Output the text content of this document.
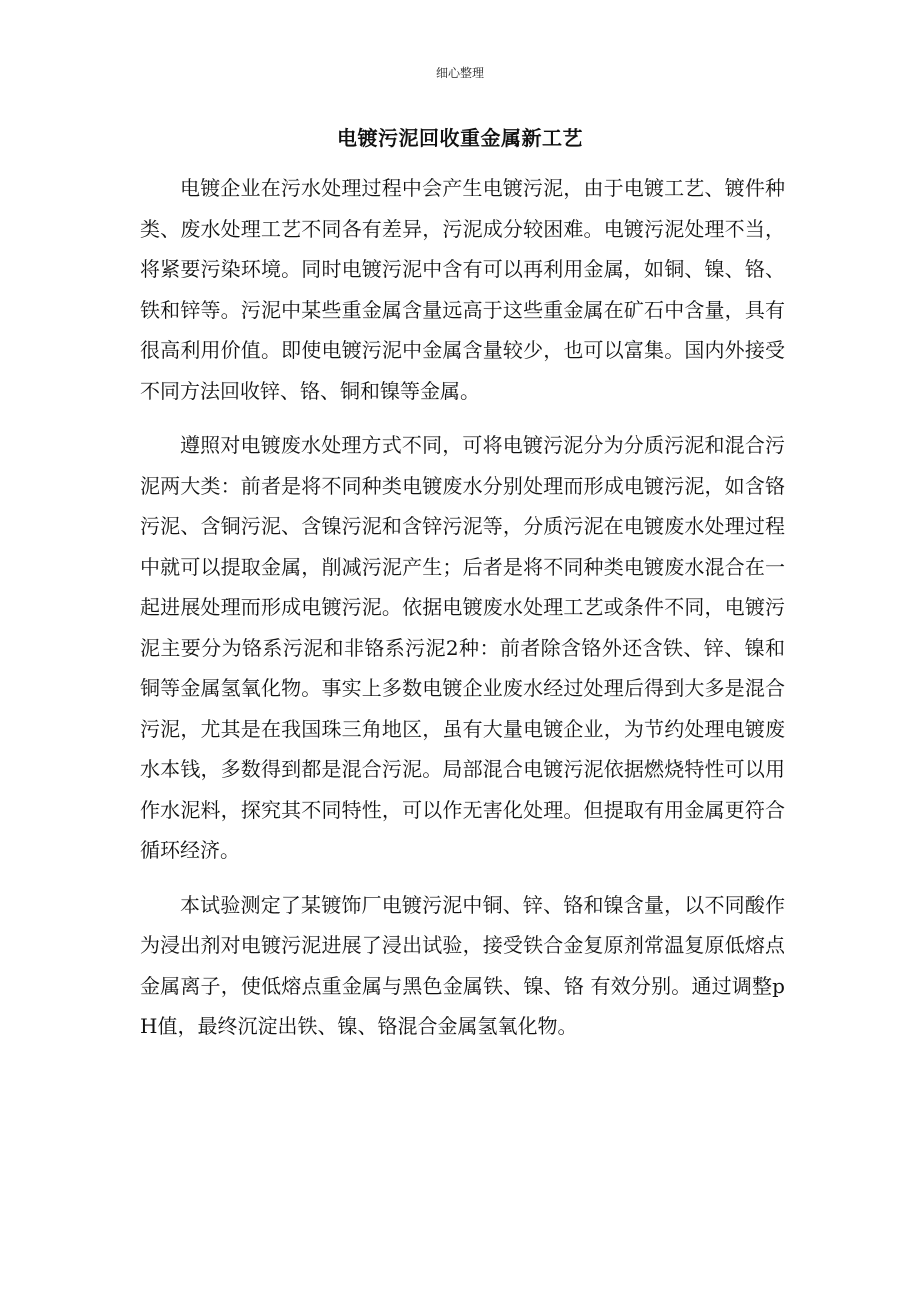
细心整理
电镀污泥回收重金属新工艺

电镀企业在污水处理过程中会产生电镀污泥，由于电镀工艺、镀件种类、废水处理工艺不同各有差异，污泥成分较困难。电镀污泥处理不当，将紧要污染环境。同时电镀污泥中含有可以再利用金属，如铜、镍、铬、铁和锌等。污泥中某些重金属含量远高于这些重金属在矿石中含量，具有很高利用价值。即使电镀污泥中金属含量较少，也可以富集。国内外接受不同方法回收锌、铬、铜和镍等金属。

遵照对电镀废水处理方式不同，可将电镀污泥分为分质污泥和混合污泥两大类：前者是将不同种类电镀废水分别处理而形成电镀污泥，如含铬污泥、含铜污泥、含镍污泥和含锌污泥等，分质污泥在电镀废水处理过程中就可以提取金属，削减污泥产生；后者是将不同种类电镀废水混合在一起进展处理而形成电镀污泥。依据电镀废水处理工艺或条件不同，电镀污泥主要分为铬系污泥和非铬系污泥2种：前者除含铬外还含铁、锌、镍和铜等金属氢氧化物。事实上多数电镀企业废水经过处理后得到大多是混合污泥，尤其是在我国珠三角地区，虽有大量电镀企业，为节约处理电镀废水本钱，多数得到都是混合污泥。局部混合电镀污泥依据燃烧特性可以用作水泥料，探究其不同特性，可以作无害化处理。但提取有用金属更符合循环经济。

本试验测定了某镀饰厂电镀污泥中铜、锌、铬和镍含量，以不同酸作为浸出剂对电镀污泥进展了浸出试验，接受铁合金复原剂常温复原低熔点金属离子，使低熔点重金属与黑色金属铁、镍、铬 有效分别。通过调整pH值，最终沉淀出铁、镍、铬混合金属氢氧化物。
